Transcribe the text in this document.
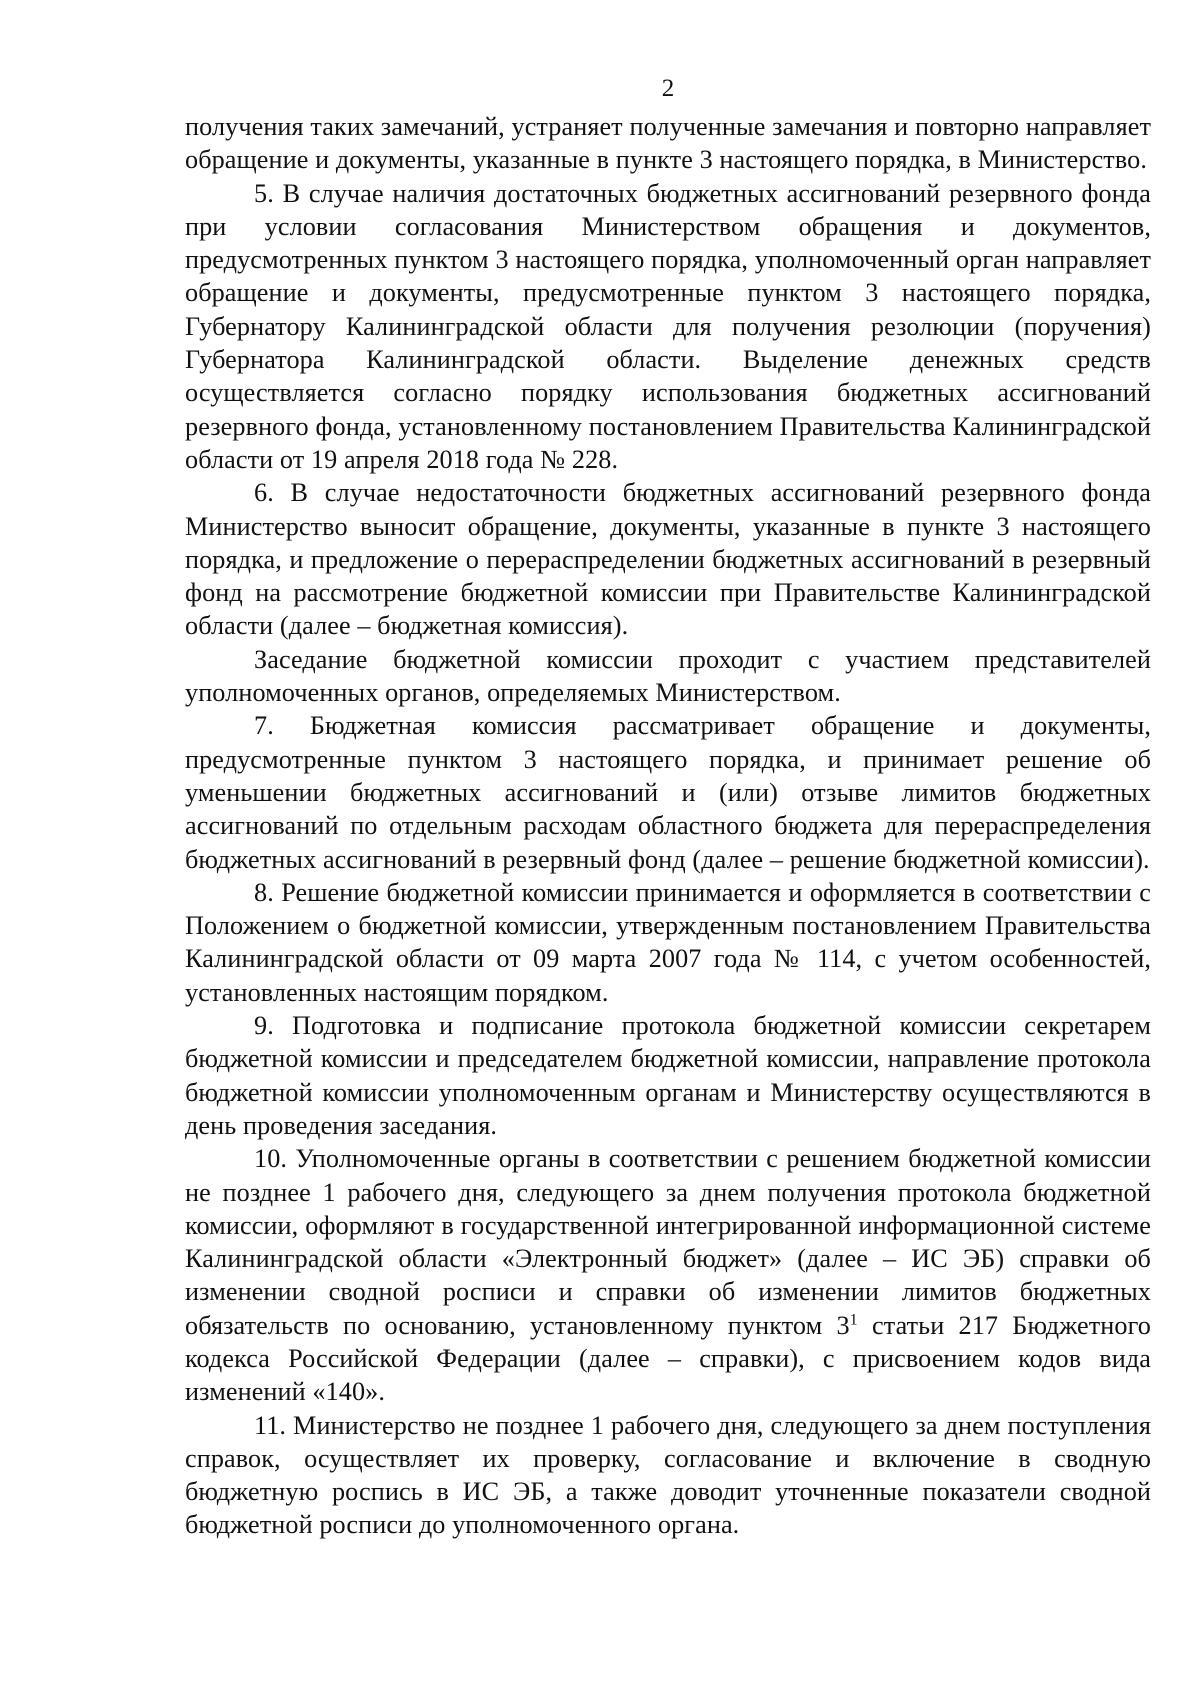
2

получения таких замечаний, устраняет полученные замечания и повторно направляет обращение и документы, указанные в пункте 3 настоящего порядка, в Министерство.

5. В случае наличия достаточных бюджетных ассигнований резервного фонда при условии согласования Министерством обращения и документов, предусмотренных пунктом 3 настоящего порядка, уполномоченный орган направляет обращение и документы, предусмотренные пунктом 3 настоящего порядка, Губернатору Калининградской области для получения резолюции (поручения) Губернатора Калининградской области. Выделение денежных средств осуществляется согласно порядку использования бюджетных ассигнований резервного фонда, установленному постановлением Правительства Калининградской области от 19 апреля 2018 года № 228.

6. В случае недостаточности бюджетных ассигнований резервного фонда Министерство выносит обращение, документы, указанные в пункте 3 настоящего порядка, и предложение о перераспределении бюджетных ассигнований в резервный фонд на рассмотрение бюджетной комиссии при Правительстве Калининградской области (далее – бюджетная комиссия).

Заседание бюджетной комиссии проходит с участием представителей уполномоченных органов, определяемых Министерством.

7. Бюджетная комиссия рассматривает обращение и документы, предусмотренные пунктом 3 настоящего порядка, и принимает решение об уменьшении бюджетных ассигнований и (или) отзыве лимитов бюджетных ассигнований по отдельным расходам областного бюджета для перераспределения бюджетных ассигнований в резервный фонд (далее – решение бюджетной комиссии).

8. Решение бюджетной комиссии принимается и оформляется в соответствии с Положением о бюджетной комиссии, утвержденным постановлением Правительства Калининградской области от 09 марта 2007 года № 114, с учетом особенностей, установленных настоящим порядком.

9. Подготовка и подписание протокола бюджетной комиссии секретарем бюджетной комиссии и председателем бюджетной комиссии, направление протокола бюджетной комиссии уполномоченным органам и Министерству осуществляются в день проведения заседания.

10. Уполномоченные органы в соответствии с решением бюджетной комиссии не позднее 1 рабочего дня, следующего за днем получения протокола бюджетной комиссии, оформляют в государственной интегрированной информационной системе Калининградской области «Электронный бюджет» (далее – ИС ЭБ) справки об изменении сводной росписи и справки об изменении лимитов бюджетных обязательств по основанию, установленному пунктом $3^1$ статьи 217 Бюджетного кодекса Российской Федерации (далее – справки), с присвоением кодов вида изменений «140».

11. Министерство не позднее 1 рабочего дня, следующего за днем поступления справок, осуществляет их проверку, согласование и включение в сводную бюджетную роспись в ИС ЭБ, а также доводит уточненные показатели сводной бюджетной росписи до уполномоченного органа.
